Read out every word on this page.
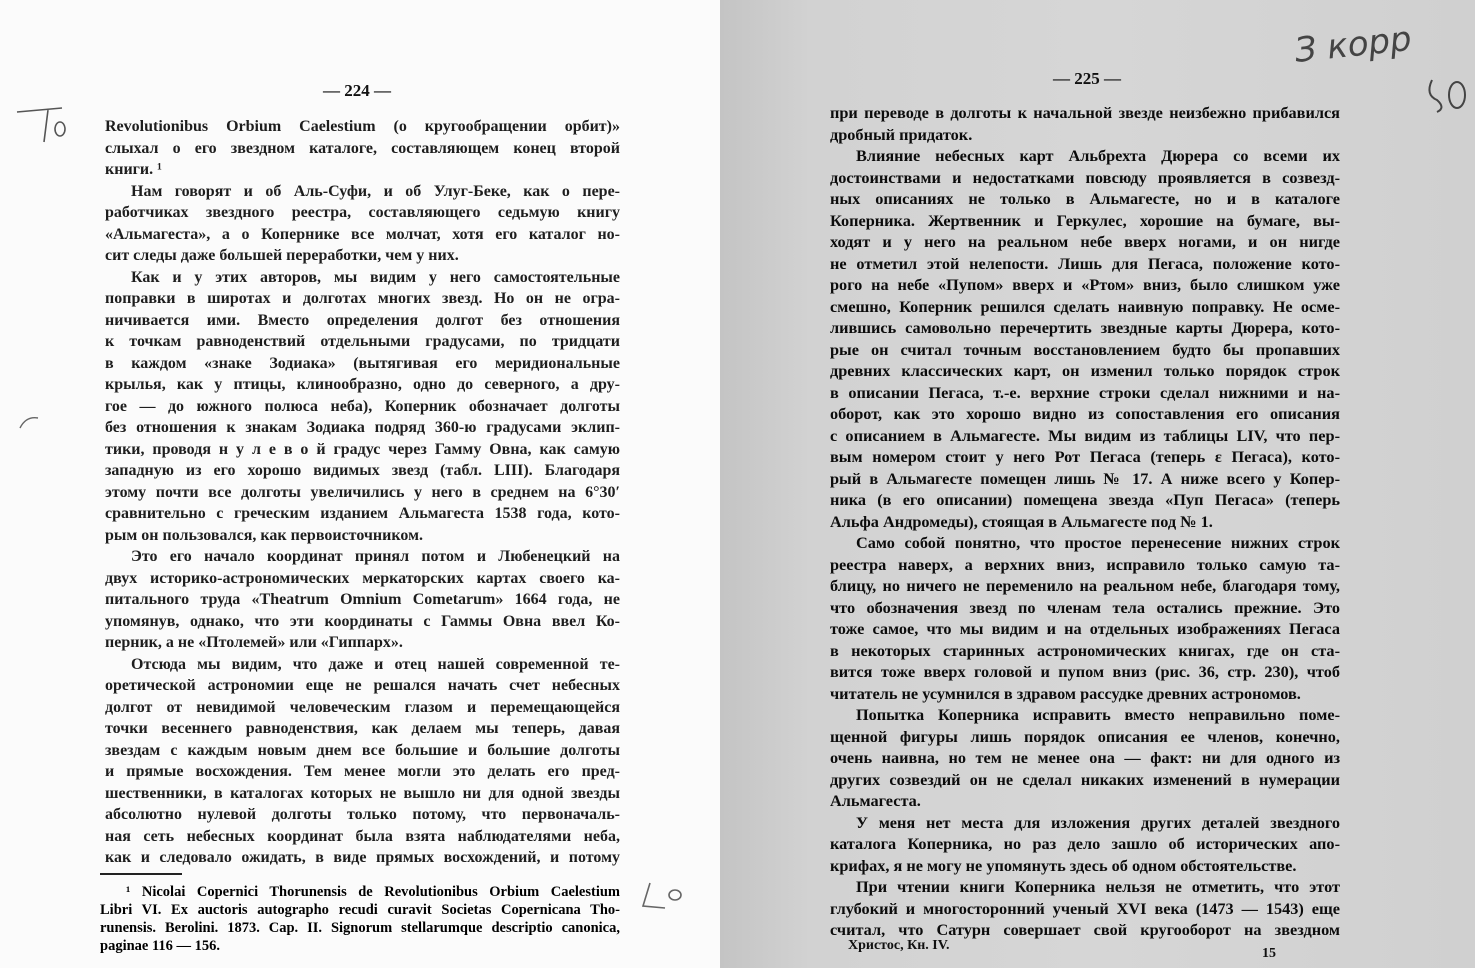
— 224 —
Revolutionibus Orbium Caelestium (о кругообращении орбит)»
слыхал о его звездном каталоге, составляющем конец второй
книги. ¹
Нам говорят и об Аль-Суфи, и об Улуг-Беке, как о пере-
работчиках звездного реестра, составляющего седьмую книгу
«Альмагеста», а о Копернике все молчат, хотя его каталог но-
сит следы даже большей переработки, чем у них.
Как и у этих авторов, мы видим у него самостоятельные
поправки в широтах и долготах многих звезд. Но он не огра-
ничивается ими. Вместо определения долгот без отношения
к точкам равноденствий отдельными градусами, по тридцати
в каждом «знаке Зодиака» (вытягивая его меридиональные
крылья, как у птицы, клинообразно, одно до северного, а дру-
гое — до южного полюса неба), Коперник обозначает долготы
без отношения к знакам Зодиака подряд 360-ю градусами эклип-
тики, проводя н у л е в о й градус через Гамму Овна, как самую
западную из его хорошо видимых звезд (табл. LIII). Благодаря
этому почти все долготы увеличились у него в среднем на 6°30′
сравнительно с греческим изданием Альмагеста 1538 года, кото-
рым он пользовался, как первоисточником.
Это его начало координат принял потом и Любенецкий на
двух историко-астрономических меркаторских картах своего ка-
питального труда «Theatrum Omnium Cometarum» 1664 года, не
упомянув, однако, что эти координаты с Гаммы Овна ввел Ко-
перник, а не «Птолемей» или «Гиппарх».
Отсюда мы видим, что даже и отец нашей современной те-
оретической астрономии еще не решался начать счет небесных
долгот от невидимой человеческим глазом и перемещающейся
точки весеннего равноденствия, как делаем мы теперь, давая
звездам с каждым новым днем все большие и большие долготы
и прямые восхождения. Тем менее могли это делать его пред-
шественники, в каталогах которых не вышло ни для одной звезды
абсолютно нулевой долготы только потому, что первоначаль-
ная сеть небесных координат была взята наблюдателями неба,
как и следовало ожидать, в виде прямых восхождений, и потому
¹ Nicolai Copernici Thorunensis de Revolutionibus Orbium Caelestium
Libri VI. Ex auctoris autographo recudi curavit Societas Copernicana Tho-
runensis. Berolini. 1873. Cap. II. Signorum stellarumque descriptio canonica,
paginae 116 — 156.
— 225 —
при переводе в долготы к начальной звезде неизбежно прибавился
дробный придаток.
Влияние небесных карт Альбрехта Дюрера со всеми их
достоинствами и недостатками повсюду проявляется в созвезд-
ных описаниях не только в Альмагесте, но и в каталоге
Коперника. Жертвенник и Геркулес, хорошие на бумаге, вы-
ходят и у него на реальном небе вверх ногами, и он нигде
не отметил этой нелепости. Лишь для Пегаса, положение кото-
рого на небе «Пупом» вверх и «Ртом» вниз, было слишком уже
смешно, Коперник решился сделать наивную поправку. Не осме-
лившись самовольно перечертить звездные карты Дюрера, кото-
рые он считал точным восстановлением будто бы пропавших
древних классических карт, он изменил только порядок строк
в описании Пегаса, т.-е. верхние строки сделал нижними и на-
оборот, как это хорошо видно из сопоставления его описания
с описанием в Альмагесте. Мы видим из таблицы LIV, что пер-
вым номером стоит у него Рот Пегаса (теперь ε Пегаса), кото-
рый в Альмагесте помещен лишь № 17. А ниже всего у Копер-
ника (в его описании) помещена звезда «Пуп Пегаса» (теперь
Альфа Андромеды), стоящая в Альмагесте под № 1.
Само собой понятно, что простое перенесение нижних строк
реестра наверх, а верхних вниз, исправило только самую та-
блицу, но ничего не переменило на реальном небе, благодаря тому,
что обозначения звезд по членам тела остались прежние. Это
тоже самое, что мы видим и на отдельных изображениях Пегаса
в некоторых старинных астрономических книгах, где он ста-
вится тоже вверх головой и пупом вниз (рис. 36, стр. 230), чтоб
читатель не усумнился в здравом рассудке древних астрономов.
Попытка Коперника исправить вместо неправильно поме-
щенной фигуры лишь порядок описания ее членов, конечно,
очень наивна, но тем не менее она — факт: ни для одного из
других созвездий он не сделал никаких изменений в нумерации
Альмагеста.
У меня нет места для изложения других деталей звездного
каталога Коперника, но раз дело зашло об исторических апо-
крифах, я не могу не упомянуть здесь об одном обстоятельстве.
При чтении книги Коперника нельзя не отметить, что этот
глубокий и многосторонний ученый XVI века (1473 — 1543) еще
считал, что Сатурн совершает свой кругооборот на звездном
Христос, Кн. IV.
15
З корр
